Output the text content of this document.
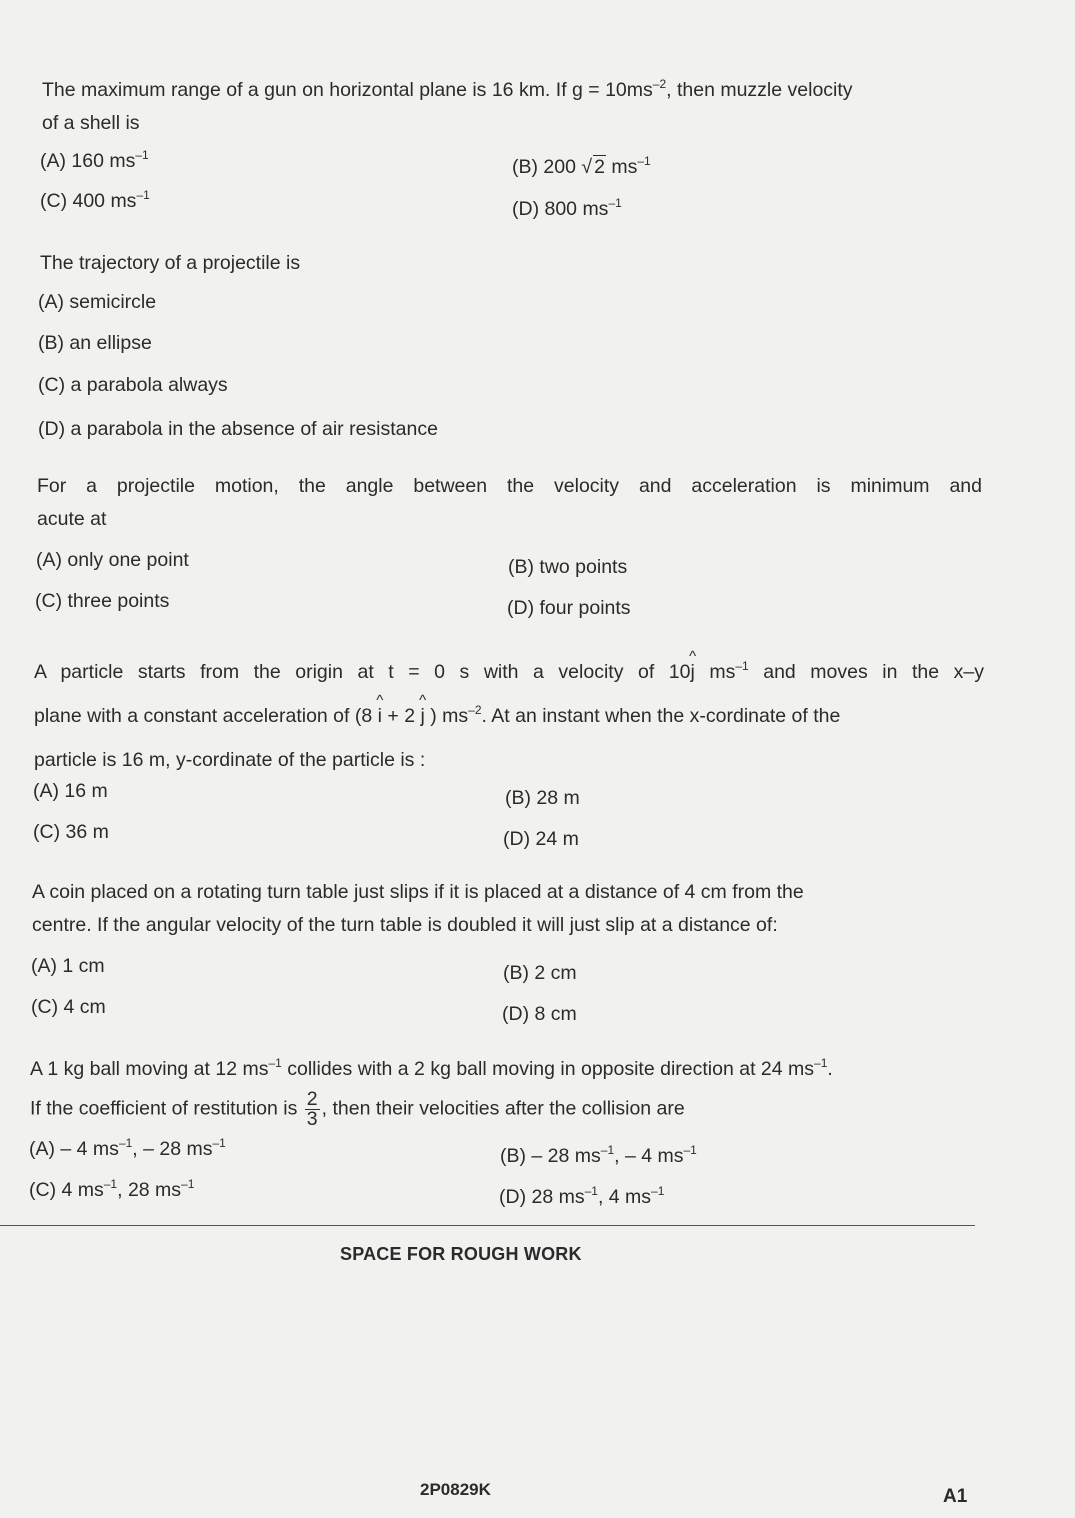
The maximum range of a gun on horizontal plane is 16 km. If $g = 10ms^{-2}$, then muzzle velocity
of a shell is
(A) 160 $ms^{-1}$
(B) 200 √ 2 $ms^{-1}$
(C) 400 $ms^{-1}$
(D) 800 $ms^{-1}$
The trajectory of a projectile is
(A) semicircle
(B) an ellipse
(C) a parabola always
(D) a parabola in the absence of air resistance
For a projectile motion, the angle between the velocity and acceleration is minimum and
acute at
(A) only one point	(B) two points
(C) three points	(D) four points
A particle starts from the origin at t = 0 s with a velocity of 10^ j $ms^{-1}$ and moves in the x–y
plane with a constant acceleration of (8 ^ i + 2 ^ j ) $ms^{-2}$. At an instant when the x-cordinate of the
particle is 16 m, y-cordinate of the particle is :
(A) 16 m	(B) 28 m
(C) 36 m	(D) 24 m
A coin placed on a rotating turn table just slips if it is placed at a distance of 4 cm from the
centre. If the angular velocity of the turn table is doubled it will just slip at a distance of:
(A) 1 cm	(B) 2 cm
(C) 4 cm	(D) 8 cm
A 1 kg ball moving at 12 $ms^{-1}$ collides with a 2 kg ball moving in opposite direction at 24 $ms^{-1}$.
If the coefficient of restitution is $\frac{2}{3}$ , then their velocities after the collision are
(A) – 4 $ms^{-1}$, – 28 $ms^{-1}$
(B) – 28 $ms^{-1}$, – 4 $ms^{-1}$
(C) 4 $ms^{-1}$, 28 $ms^{-1}$
(D) 28 $ms^{-1}$, 4 $ms^{-1}$
SPACE FOR ROUGH WORK
2P0829K	A1
